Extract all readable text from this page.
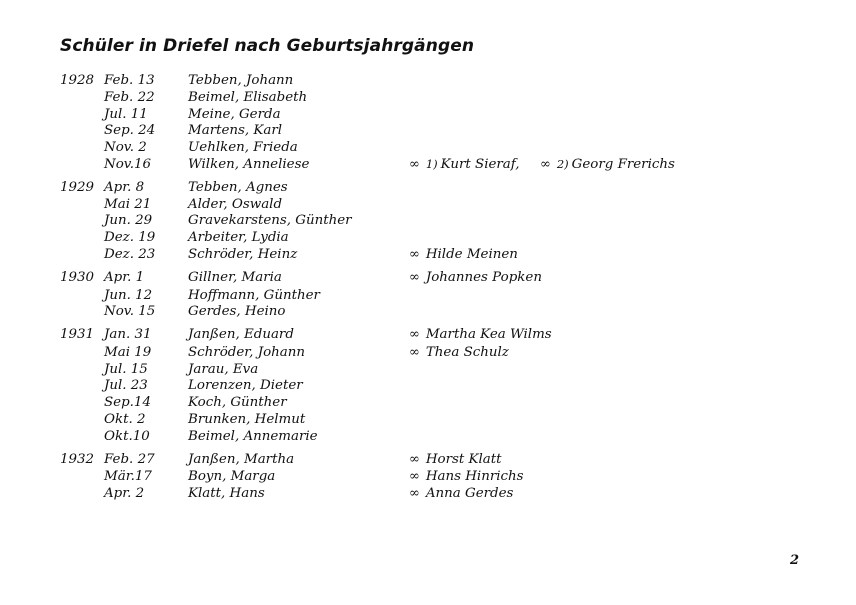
Schüler in Driefel nach Geburtsjahrgängen
1928 Feb. 13 Tebben, Johann
Feb. 22 Beimel, Elisabeth
Jul. 11	Meine, Gerda
Sep. 24 Martens, Karl
Nov. 2	Uehlken, Frieda
Nov.16	Wilken, Anneliese	∞ 1) Kurt Sieraf, ∞ 2) Georg Frerichs
1929 Apr. 8	Tebben, Agnes
Mai 21	Alder, Oswald
Jun. 29	Gravekarstens, Günther
Dez. 19 Arbeiter, Lydia
Dez. 23 Schröder, Heinz	∞ Hilde Meinen
1930 Apr. 1	Gillner, Maria	∞ Johannes Popken
Jun. 12	Hoffmann, Günther
Nov. 15 Gerdes, Heino
1931 Jan. 31	Janßen, Eduard	∞ Martha Kea Wilms
Mai 19	Schröder, Johann	∞ Thea Schulz
Jul. 15	Jarau, Eva
Jul. 23	Lorenzen, Dieter
Sep.14	Koch, Günther
Okt. 2	Brunken, Helmut
Okt.10	Beimel, Annemarie
1932 Feb. 27 Janßen, Martha	∞ Horst Klatt
Mär.17	Boyn, Marga	∞ Hans Hinrichs
Apr. 2	Klatt, Hans	∞ Anna Gerdes
2
